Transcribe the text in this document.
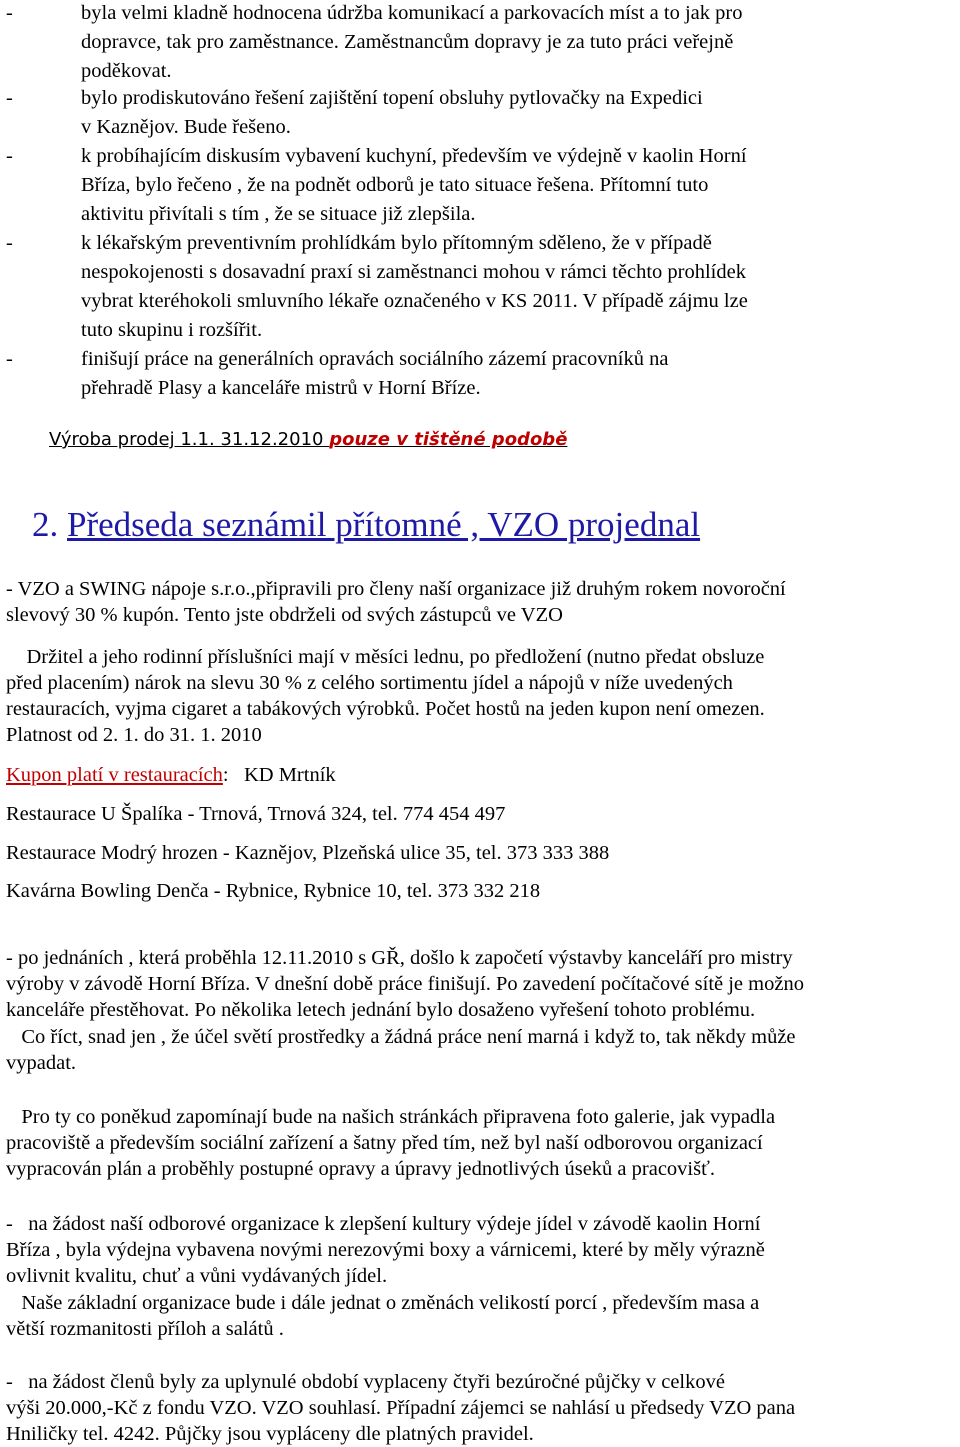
-	byla velmi kladně hodnocena údržba komunikací a parkovacích míst a to jak pro
dopravce, tak pro zaměstnance. Zaměstnancům dopravy je za tuto práci veřejně
poděkovat.
-	bylo prodiskutováno řešení zajištění topení obsluhy pytlovačky na Expedici
v Kaznějov. Bude řešeno.
-	k probíhajícím diskusím vybavení kuchyní, především ve výdejně v kaolin Horní
Bříza, bylo řečeno , že na podnět odborů je tato situace řešena. Přítomní tuto
aktivitu přivítali s tím , že se situace již zlepšila.
-	k lékařským preventivním prohlídkám bylo přítomným sděleno, že v případě
nespokojenosti s dosavadní praxí si zaměstnanci mohou v rámci těchto prohlídek
vybrat kteréhokoli smluvního lékaře označeného v KS 2011. V případě zájmu lze
tuto skupinu i rozšířit.
-	finišují práce na generálních opravách sociálního zázemí pracovníků na
přehradě Plasy a kanceláře mistrů v Horní Bříze.
Výroba prodej 1.1. 31.12.2010 pouze v tištěné podobě
2. Předseda seznámil přítomné , VZO projednal
- VZO a SWING nápoje s.r.o.,připravili pro členy naší organizace již druhým rokem novoroční
slevový 30 % kupón. Tento jste obdrželi od svých zástupců ve VZO
Držitel a jeho rodinní příslušníci mají v měsíci lednu, po předložení (nutno předat obsluze
před placením) nárok na slevu 30 % z celého sortimentu jídel a nápojů v níže uvedených
restauracích, vyjma cigaret a tabákových výrobků. Počet hostů na jeden kupon není omezen.
Platnost od 2. 1. do 31. 1. 2010
Kupon platí v restauracích:   KD Mrtník
Restaurace U Špalíka - Trnová, Trnová 324, tel. 774 454 497
Restaurace Modrý hrozen - Kaznějov, Plzeňská ulice 35, tel. 373 333 388
Kavárna Bowling Denča - Rybnice, Rybnice 10, tel. 373 332 218
- po jednáních , která proběhla 12.11.2010 s GŘ, došlo k započetí výstavby kanceláří pro mistry
výroby v závodě Horní Bříza. V dnešní době práce finišují. Po zavedení počítačové sítě je možno
kanceláře přestěhovat. Po několika letech jednání bylo dosaženo vyřešení tohoto problému.
Co říct, snad jen , že účel světí prostředky a žádná práce není marná i když to, tak někdy může
vypadat.
Pro ty co poněkud zapomínají bude na našich stránkách připravena foto galerie, jak vypadla
pracoviště a především sociální zařízení a šatny před tím, než byl naší odborovou organizací
vypracován plán a proběhly postupné opravy a úpravy jednotlivých úseků a pracovišť.
-   na žádost naší odborové organizace k zlepšení kultury výdeje jídel v závodě kaolin Horní
Bříza , byla výdejna vybavena novými nerezovými boxy a várnicemi, které by měly výrazně
ovlivnit kvalitu, chuť a vůni vydávaných jídel.
Naše základní organizace bude i dále jednat o změnách velikostí porcí , především masa a
větší rozmanitosti příloh a salátů .
-   na žádost členů byly za uplynulé období vyplaceny čtyři bezúročné půjčky v celkové
výši 20.000,-Kč z fondu VZO. VZO souhlasí. Případní zájemci se nahlásí u předsedy VZO pana
Hniličky tel. 4242. Půjčky jsou vypláceny dle platných pravidel.
